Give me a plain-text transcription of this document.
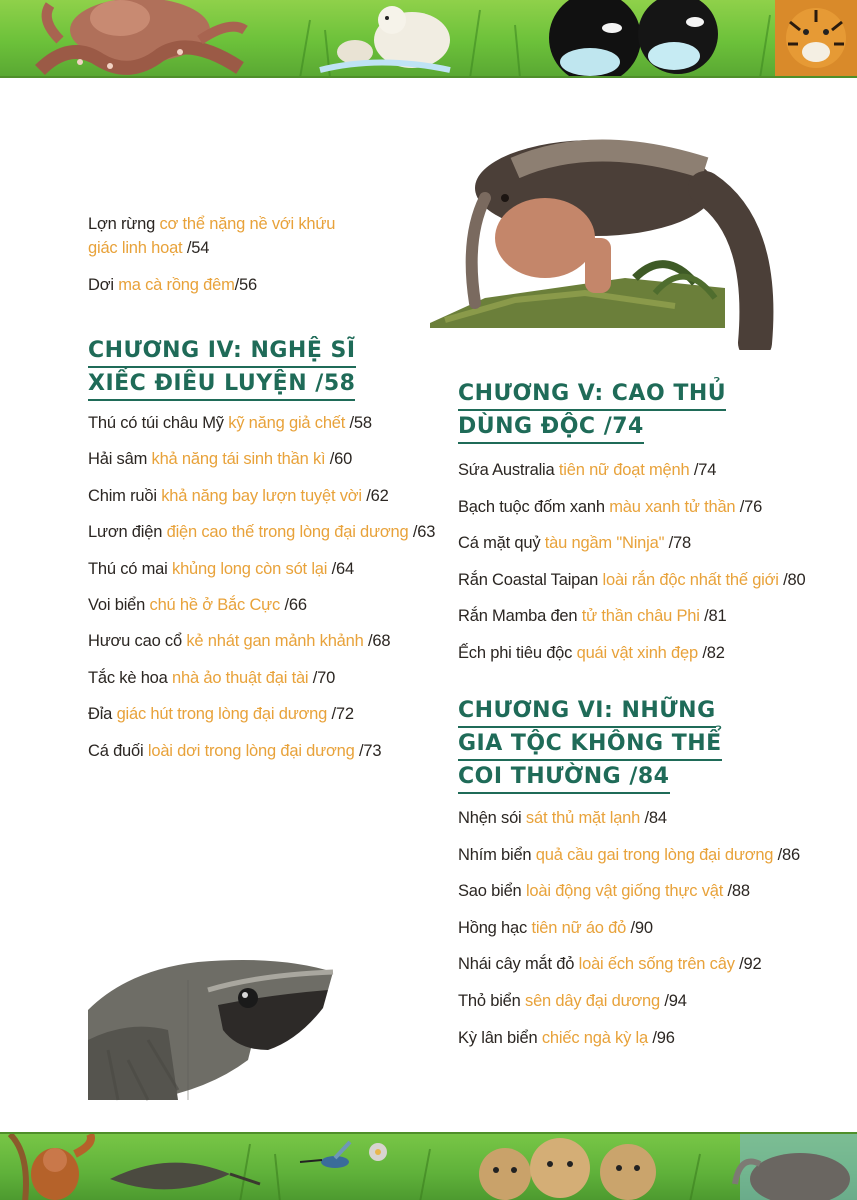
Lợn rừng cơ thể nặng nề với khứu giác linh hoạt /54
Dơi ma cà rồng đêm/56
CHƯƠNG IV: NGHỆ SĨ
XIẾC ĐIÊU LUYỆN /58
Thú có túi châu Mỹ kỹ năng giả chết /58
Hải sâm khả năng tái sinh thần kì /60
Chim ruồi khả năng bay lượn tuyệt vời /62
Lươn điện điện cao thế trong lòng đại dương /63
Thú có mai khủng long còn sót lại /64
Voi biển chú hề ở Bắc Cực /66
Hươu cao cổ kẻ nhát gan mảnh khảnh /68
Tắc kè hoa nhà ảo thuật đại tài /70
Đỉa giác hút trong lòng đại dương /72
Cá đuối loài dơi trong lòng đại dương /73
CHƯƠNG V: CAO THỦ
DÙNG ĐỘC /74
Sứa Australia tiên nữ đoạt mệnh /74
Bạch tuộc đốm xanh màu xanh tử thần /76
Cá mặt quỷ tàu ngầm "Ninja" /78
Rắn Coastal Taipan loài rắn độc nhất thế giới /80
Rắn Mamba đen tử thần châu Phi /81
Ếch phi tiêu độc quái vật xinh đẹp /82
CHƯƠNG VI: NHỮNG
GIA TỘC KHÔNG THỂ
COI THƯỜNG /84
Nhện sói sát thủ mặt lạnh /84
Nhím biển quả cầu gai trong lòng đại dương /86
Sao biển loài động vật giống thực vật /88
Hồng hạc tiên nữ áo đỏ /90
Nhái cây mắt đỏ loài ếch sống trên cây /92
Thỏ biển sên dây đại dương /94
Kỳ lân biển chiếc ngà kỳ lạ /96
